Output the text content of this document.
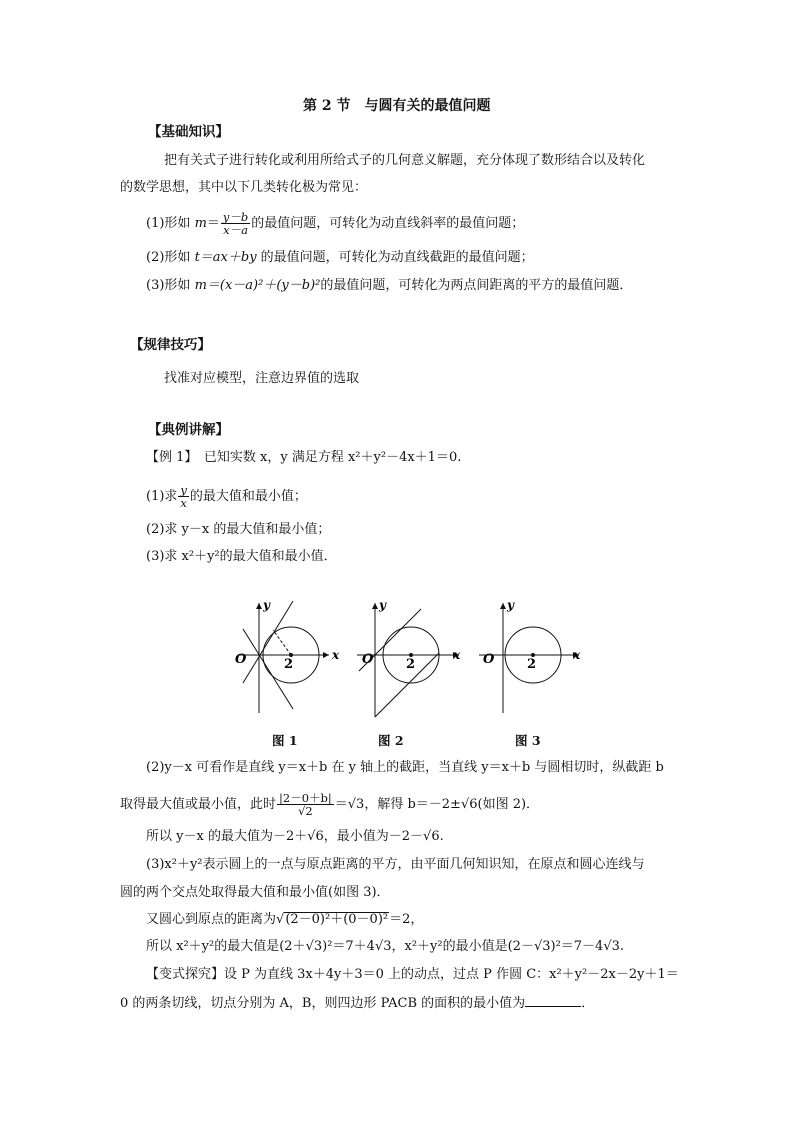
第 2 节　与圆有关的最值问题
【基础知识】
把有关式子进行转化或利用所给式子的几何意义解题，充分体现了数形结合以及转化
的数学思想，其中以下几类转化极为常见：
(1)形如 $m= \frac{y-b}{x-a}$ 的最值问题，可转化为动直线斜率的最值问题；
(2)形如 t＝ax＋by 的最值问题，可转化为动直线截距的最值问题；
(3)形如 m＝(x－a)²＋(y－b)²的最值问题，可转化为两点间距离的平方的最值问题．
【规律技巧】
找准对应模型，注意边界值的选取
【典例讲解】
【例 1】　已知实数 x，y 满足方程 x²＋y²－4x＋1＝0.
(1)求 $\frac{y}{x}$ 的最大值和最小值；
(2)求 y－x 的最大值和最小值；
(3)求 x²＋y²的最大值和最小值．
y
x
O	2
y
x
O	2
y
x
O	2
图 1	图 2	图 3
(2)y－x 可看作是直线 y＝x＋b 在 y 轴上的截距，当直线 y＝x＋b 与圆相切时，纵截距 b
取得最大值或最小值，此时 $\frac{|2-0+b|}{√2} =√3$，解得 b＝－2±√6(如图 2)．
所以 y－x 的最大值为－2＋√6，最小值为－2－√6.
(3)x²＋y²表示圆上的一点与原点距离的平方，由平面几何知识知，在原点和圆心连线与
圆的两个交点处取得最大值和最小值(如图 3)．
又圆心到原点的距离为√(2－0)²＋(0－0)²＝2，
所以 x²＋y²的最大值是(2＋√3)²＝7＋4√3，x²＋y²的最小值是(2－√3)²＝7－4√3.
【变式探究】设 P 为直线 3x＋4y＋3＝0 上的动点，过点 P 作圆 C：x²＋y²－2x－2y＋1＝
0 的两条切线，切点分别为 A，B，则四边形 PACB 的面积的最小值为	．
